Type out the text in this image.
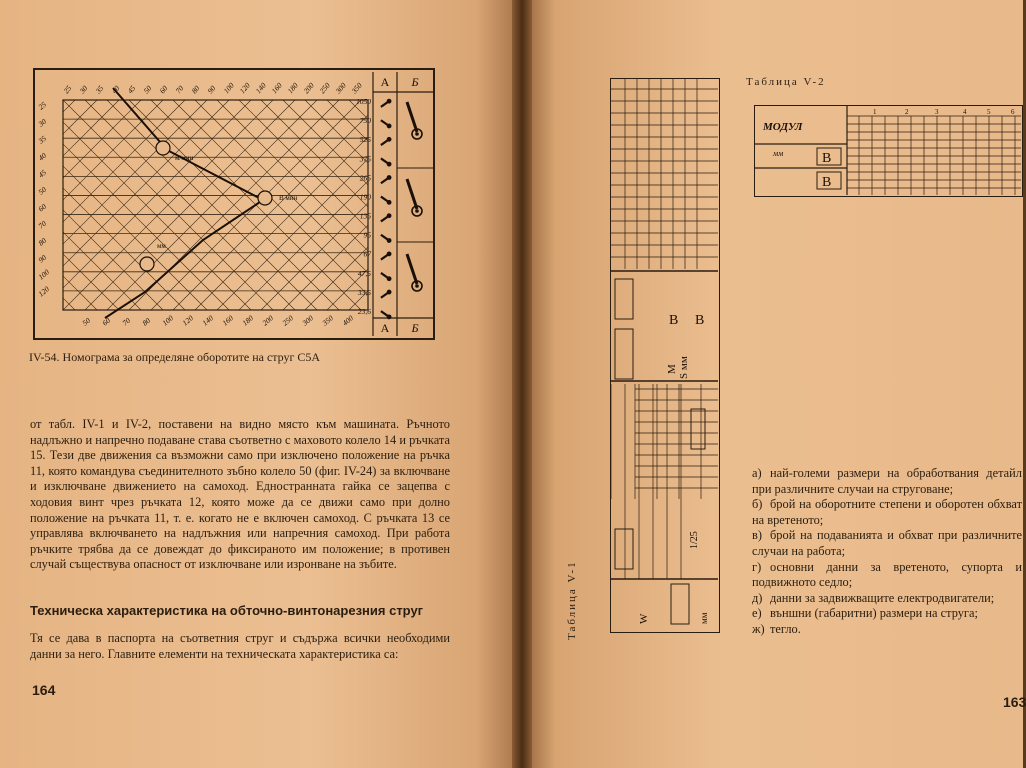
м/мин
В мин
мм
А Б
А Б
1050
750
525
375
265
190
135
95
67
47,5
33,5
23,6
50 60 70 80 100 120 140 160 180 200 250 300 350 400
25 30 35 40 45 50 60 70 80 90 100 120 140 160 180 200 250 300 350
25
30
35
40
45
50
60
70
80
90
100
120
IV-54. Номограма за определяне оборотите на струг С5А

от табл. IV-1 и IV-2, поставени на видно място към машината. Ръчното надлъжно и напречно подаване става съответно с маховото колело 14 и ръчката 15. Тези две движения са възможни само при изключено положение на ръчка 11, която командува съединителното зъбно колело 50 (фиг. IV-24) за включване и изключване движението на самоход. Едностранната гайка се зацепва с ходовия винт чрез ръчката 12, която може да се движи само при долно положение на ръчката 11, т. е. когато не е включен самоход. С ръчката 13 се управлява включването на надлъжния или напречния самоход. При работа ръчките трябва да се довеждат до фиксираното им положение; в противен случай съществува опасност от изключване или изронване на зъбите.

Техническа характеристика на обточно-винтонарезния струг

Тя се дава в паспорта на съответния струг и съдържа всички необходими данни за него. Главните елементи на техническата характеристика са:

164
Таблица V-2
В В
M S мм
1/25
W	мм
Таблица V-1
МОДУЛ
мм	В
В
1	2	3	4	5	6
а) най-големи размери на обработвания детайл при различните случаи на струговане;
б) брой на оборотните степени и оборотен обхват на вретеното;
в) брой на подаванията и обхват при различните случаи на работа;
г) основни данни за вретеното, супорта и подвижното седло;
д) данни за задвижващите електродвигатели;
е) външни (габаритни) размери на струга;
ж) тегло.
163
